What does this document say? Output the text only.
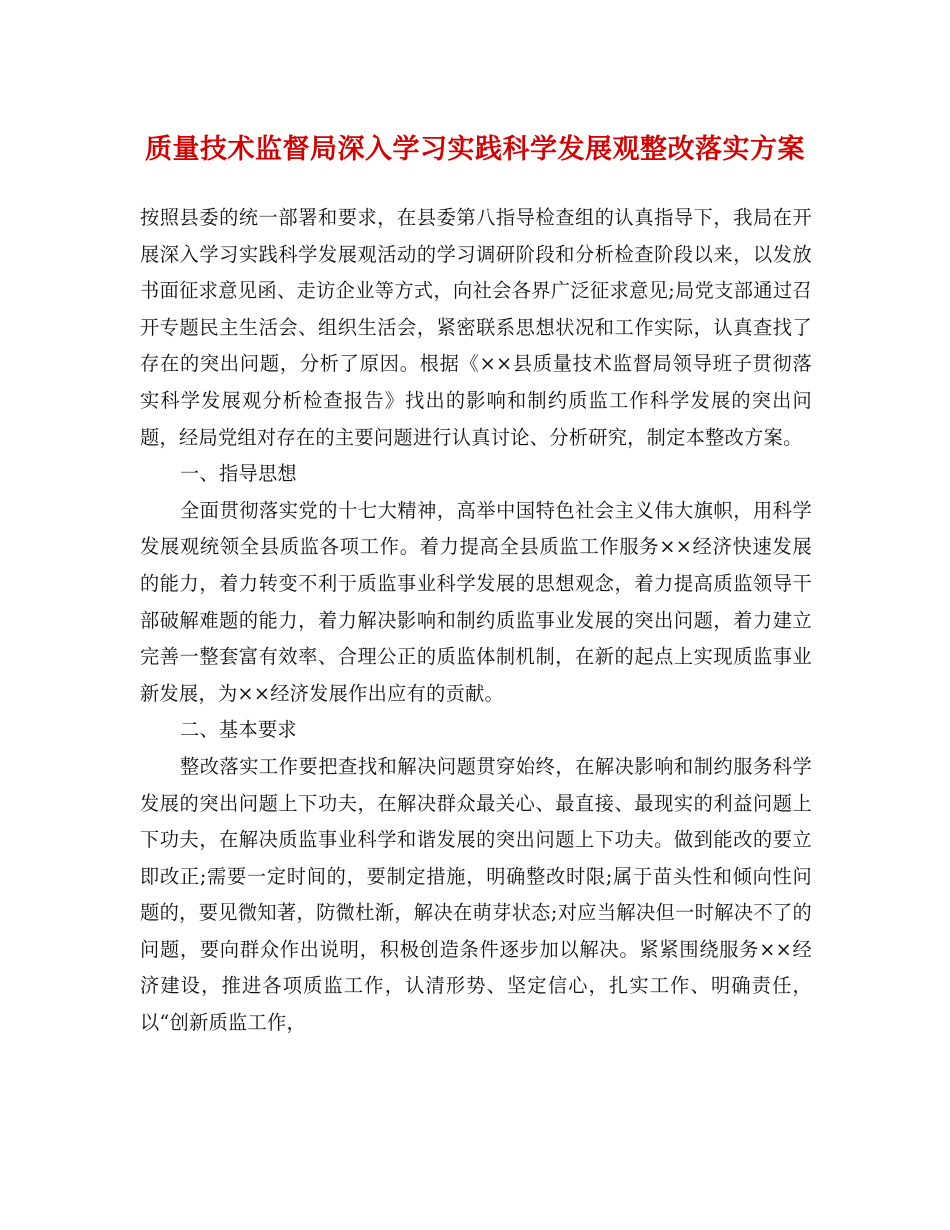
质量技术监督局深入学习实践科学发展观整改落实方案

按照县委的统一部署和要求，在县委第八指导检查组的认真指导下，我局在开展深入学习实践科学发展观活动的学习调研阶段和分析检查阶段以来，以发放书面征求意见函、走访企业等方式，向社会各界广泛征求意见;局党支部通过召开专题民主生活会、组织生活会，紧密联系思想状况和工作实际，认真查找了存在的突出问题，分析了原因。根据《××县质量技术监督局领导班子贯彻落实科学发展观分析检查报告》找出的影响和制约质监工作科学发展的突出问题，经局党组对存在的主要问题进行认真讨论、分析研究，制定本整改方案。

一、指导思想

全面贯彻落实党的十七大精神，高举中国特色社会主义伟大旗帜，用科学发展观统领全县质监各项工作。着力提高全县质监工作服务××经济快速发展的能力，着力转变不利于质监事业科学发展的思想观念，着力提高质监领导干部破解难题的能力，着力解决影响和制约质监事业发展的突出问题，着力建立完善一整套富有效率、合理公正的质监体制机制，在新的起点上实现质监事业新发展，为××经济发展作出应有的贡献。

二、基本要求

整改落实工作要把查找和解决问题贯穿始终，在解决影响和制约服务科学发展的突出问题上下功夫，在解决群众最关心、最直接、最现实的利益问题上下功夫，在解决质监事业科学和谐发展的突出问题上下功夫。做到能改的要立即改正;需要一定时间的，要制定措施，明确整改时限;属于苗头性和倾向性问题的，要见微知著，防微杜渐，解决在萌芽状态;对应当解决但一时解决不了的问题，要向群众作出说明，积极创造条件逐步加以解决。紧紧围绕服务××经济建设，推进各项质监工作，认清形势、坚定信心，扎实工作、明确责任，以“创新质监工作，
